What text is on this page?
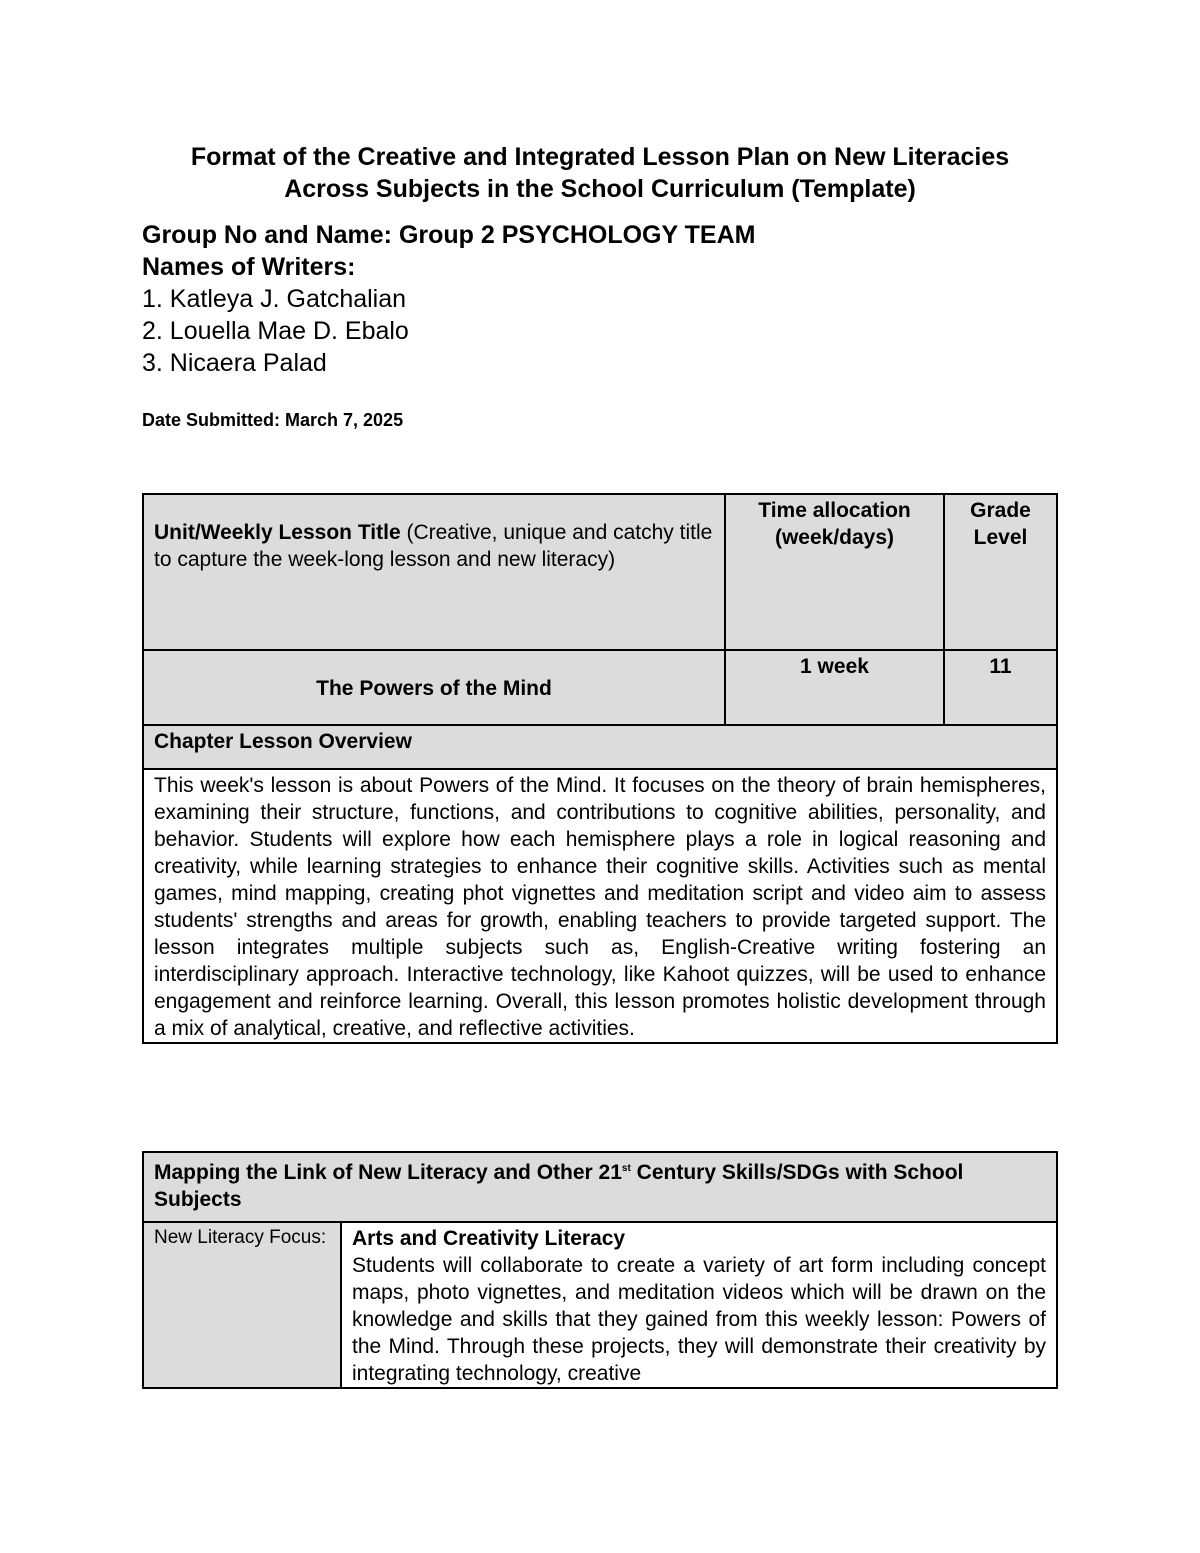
Format of the Creative and Integrated Lesson Plan on New Literacies
Across Subjects in the School Curriculum (Template)
Group No and Name: Group 2 PSYCHOLOGY TEAM
Names of Writers:
1. Katleya J. Gatchalian
2. Louella Mae D. Ebalo
3. Nicaera Palad
Date Submitted: March 7, 2025
Unit/Weekly Lesson Title (Creative, unique and catchy title to capture the week-long lesson and new literacy)	Time allocation (week/days)	Grade Level
The Powers of the Mind	1 week	11
Chapter Lesson Overview
This week's lesson is about Powers of the Mind. It focuses on the theory of brain hemispheres, examining their structure, functions, and contributions to cognitive abilities, personality, and behavior. Students will explore how each hemisphere plays a role in logical reasoning and creativity, while learning strategies to enhance their cognitive skills. Activities such as mental games, mind mapping, creating phot vignettes and meditation script and video aim to assess students' strengths and areas for growth, enabling teachers to provide targeted support. The lesson integrates multiple subjects such as, English-Creative writing fostering an interdisciplinary approach. Interactive technology, like Kahoot quizzes, will be used to enhance engagement and reinforce learning. Overall, this lesson promotes holistic development through a mix of analytical, creative, and reflective activities.
Mapping the Link of New Literacy and Other 21st Century Skills/SDGs with School Subjects
New Literacy Focus:	Arts and Creativity Literacy
Students will collaborate to create a variety of art form including concept maps, photo vignettes, and meditation videos which will be drawn on the knowledge and skills that they gained from this weekly lesson: Powers of the Mind. Through these projects, they will demonstrate their creativity by integrating technology, creative
